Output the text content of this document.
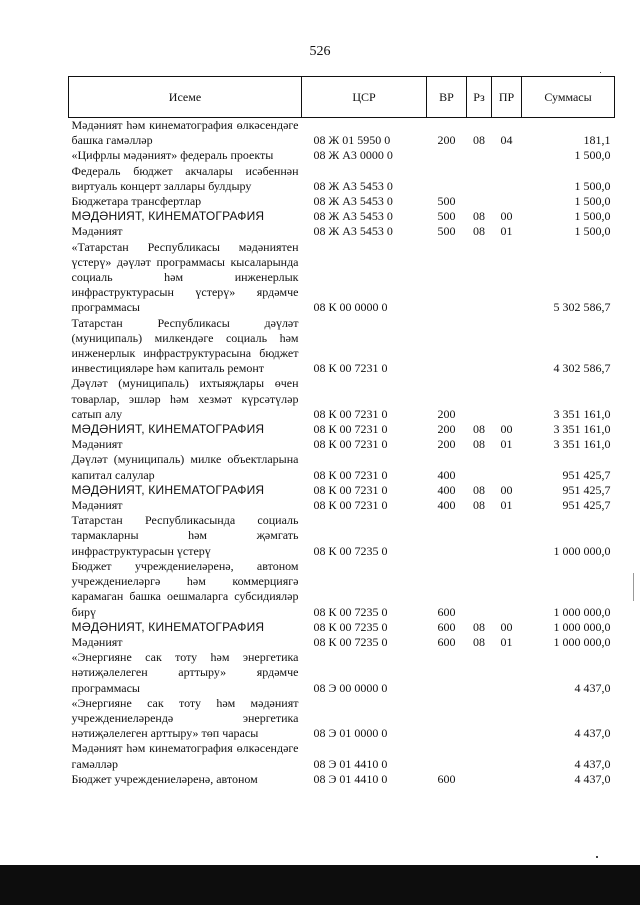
526
Исеме	ЦСР	ВР	Рз	ПР	Суммасы
Мәдәният һәм кинематография өлкәсендәге башка гамәлләр	08 Ж 01 5950 0	200	08	04	181,1
«Цифрлы мәдәният» федераль проекты	08 Ж А3 0000 0				1 500,0
Федераль бюджет акчалары исәбеннән виртуаль концерт заллары булдыру	08 Ж А3 5453 0				1 500,0
Бюджетара трансфертлар	08 Ж А3 5453 0	500			1 500,0
МӘДӘНИЯТ, КИНЕМАТОГРАФИЯ	08 Ж А3 5453 0	500	08	00	1 500,0
Мәдәният	08 Ж А3 5453 0	500	08	01	1 500,0
«Татарстан Республикасы мәдәниятен үстерү» дәүләт программасы кысаларында социаль һәм инженерлык инфраструктурасын үстерү» ярдәмче программасы	08 К 00 0000 0				5 302 586,7
Татарстан Республикасы дәүләт (муниципаль) милкендәге социаль һәм инженерлык инфраструктурасына бюджет инвестицияләре һәм капиталь ремонт	08 К 00 7231 0				4 302 586,7
Дәүләт (муниципаль) ихтыяҗлары өчен товарлар, эшләр һәм хезмәт күрсәтүләр сатып алу	08 К 00 7231 0	200			3 351 161,0
МӘДӘНИЯТ, КИНЕМАТОГРАФИЯ	08 К 00 7231 0	200	08	00	3 351 161,0
Мәдәният	08 К 00 7231 0	200	08	01	3 351 161,0
Дәүләт (муниципаль) милке объектларына капитал салулар	08 К 00 7231 0	400			951 425,7
МӘДӘНИЯТ, КИНЕМАТОГРАФИЯ	08 К 00 7231 0	400	08	00	951 425,7
Мәдәният	08 К 00 7231 0	400	08	01	951 425,7
Татарстан Республикасында социаль тармакларны һәм җәмгать инфраструктурасын үстерү	08 К 00 7235 0				1 000 000,0
Бюджет учреждениеләренә, автоном учреждениеләргә һәм коммерциягә карамаган башка оешмаларга субсидияләр бирү	08 К 00 7235 0	600			1 000 000,0
МӘДӘНИЯТ, КИНЕМАТОГРАФИЯ	08 К 00 7235 0	600	08	00	1 000 000,0
Мәдәният	08 К 00 7235 0	600	08	01	1 000 000,0
«Энергияне сак тоту һәм энергетика нәтиҗәлелеген арттыру» ярдәмче программасы	08 Э 00 0000 0				4 437,0
«Энергияне сак тоту һәм мәдәният учреждениеләрендә энергетика нәтиҗәлелеген арттыру» төп чарасы	08 Э 01 0000 0				4 437,0
Мәдәният һәм кинематография өлкәсендәге гамәлләр	08 Э 01 4410 0				4 437,0
Бюджет учреждениеләренә, автоном	08 Э 01 4410 0	600			4 437,0
